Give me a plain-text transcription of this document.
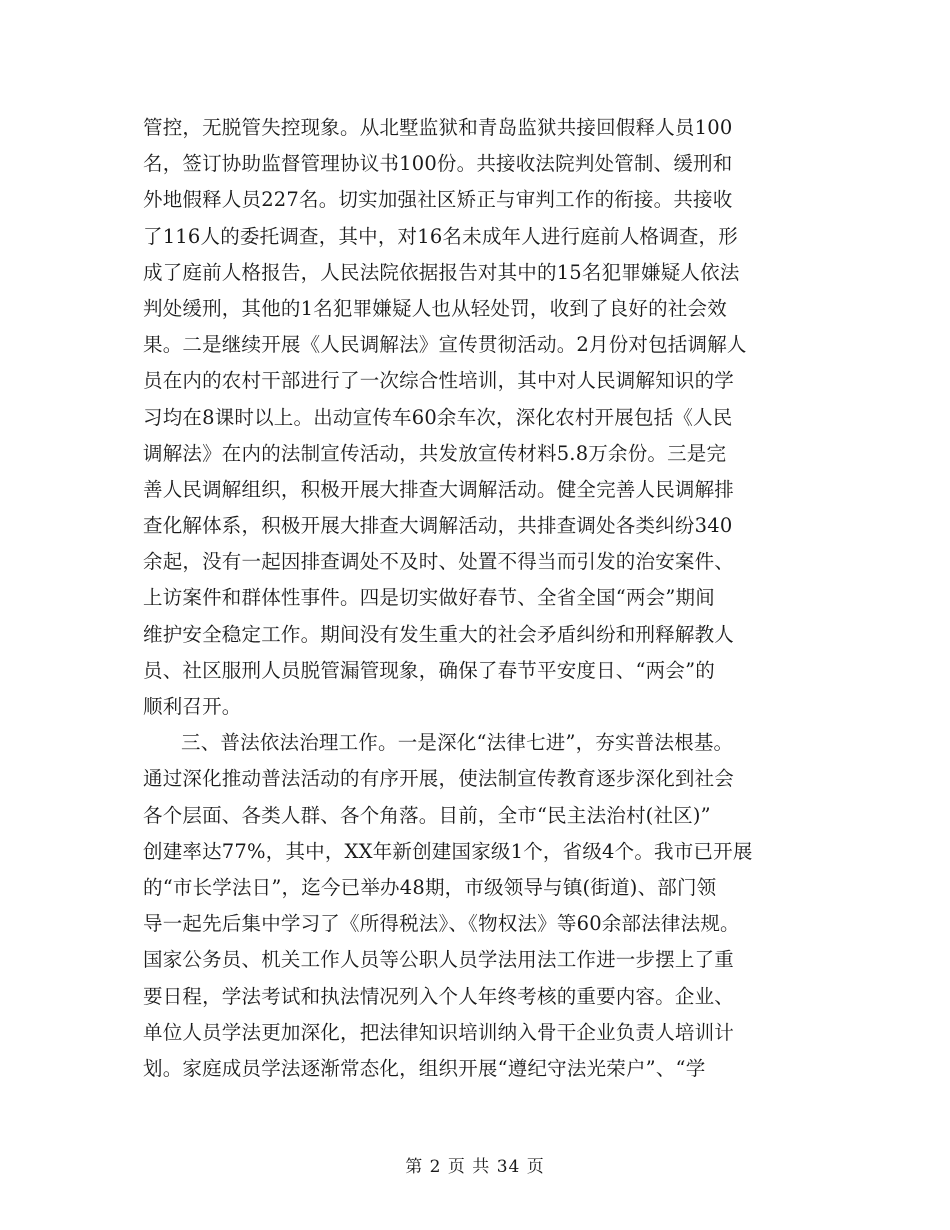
管控，无脱管失控现象。从北墅监狱和青岛监狱共接回假释人员100
名，签订协助监督管理协议书100份。共接收法院判处管制、缓刑和
外地假释人员227名。切实加强社区矫正与审判工作的衔接。共接收
了116人的委托调查，其中，对16名未成年人进行庭前人格调查，形
成了庭前人格报告，人民法院依据报告对其中的15名犯罪嫌疑人依法
判处缓刑，其他的1名犯罪嫌疑人也从轻处罚，收到了良好的社会效
果。二是继续开展《人民调解法》宣传贯彻活动。2月份对包括调解人
员在内的农村干部进行了一次综合性培训，其中对人民调解知识的学
习均在8课时以上。出动宣传车60余车次，深化农村开展包括《人民
调解法》在内的法制宣传活动，共发放宣传材料5.8万余份。三是完
善人民调解组织，积极开展大排查大调解活动。健全完善人民调解排
查化解体系，积极开展大排查大调解活动，共排查调处各类纠纷340
余起，没有一起因排查调处不及时、处置不得当而引发的治安案件、
上访案件和群体性事件。四是切实做好春节、全省全国“两会”期间
维护安全稳定工作。期间没有发生重大的社会矛盾纠纷和刑释解教人
员、社区服刑人员脱管漏管现象，确保了春节平安度日、“两会”的
顺利召开。
三、普法依法治理工作。一是深化“法律七进”，夯实普法根基。
通过深化推动普法活动的有序开展，使法制宣传教育逐步深化到社会
各个层面、各类人群、各个角落。目前，全市“民主法治村(社区)”
创建率达77%，其中，XX年新创建国家级1个，省级4个。我市已开展
的“市长学法日”，迄今已举办48期，市级领导与镇(街道)、部门领
导一起先后集中学习了《所得税法》、《物权法》等60余部法律法规。
国家公务员、机关工作人员等公职人员学法用法工作进一步摆上了重
要日程，学法考试和执法情况列入个人年终考核的重要内容。企业、
单位人员学法更加深化，把法律知识培训纳入骨干企业负责人培训计
划。家庭成员学法逐渐常态化，组织开展“遵纪守法光荣户”、“学
第 2 页 共 34 页
